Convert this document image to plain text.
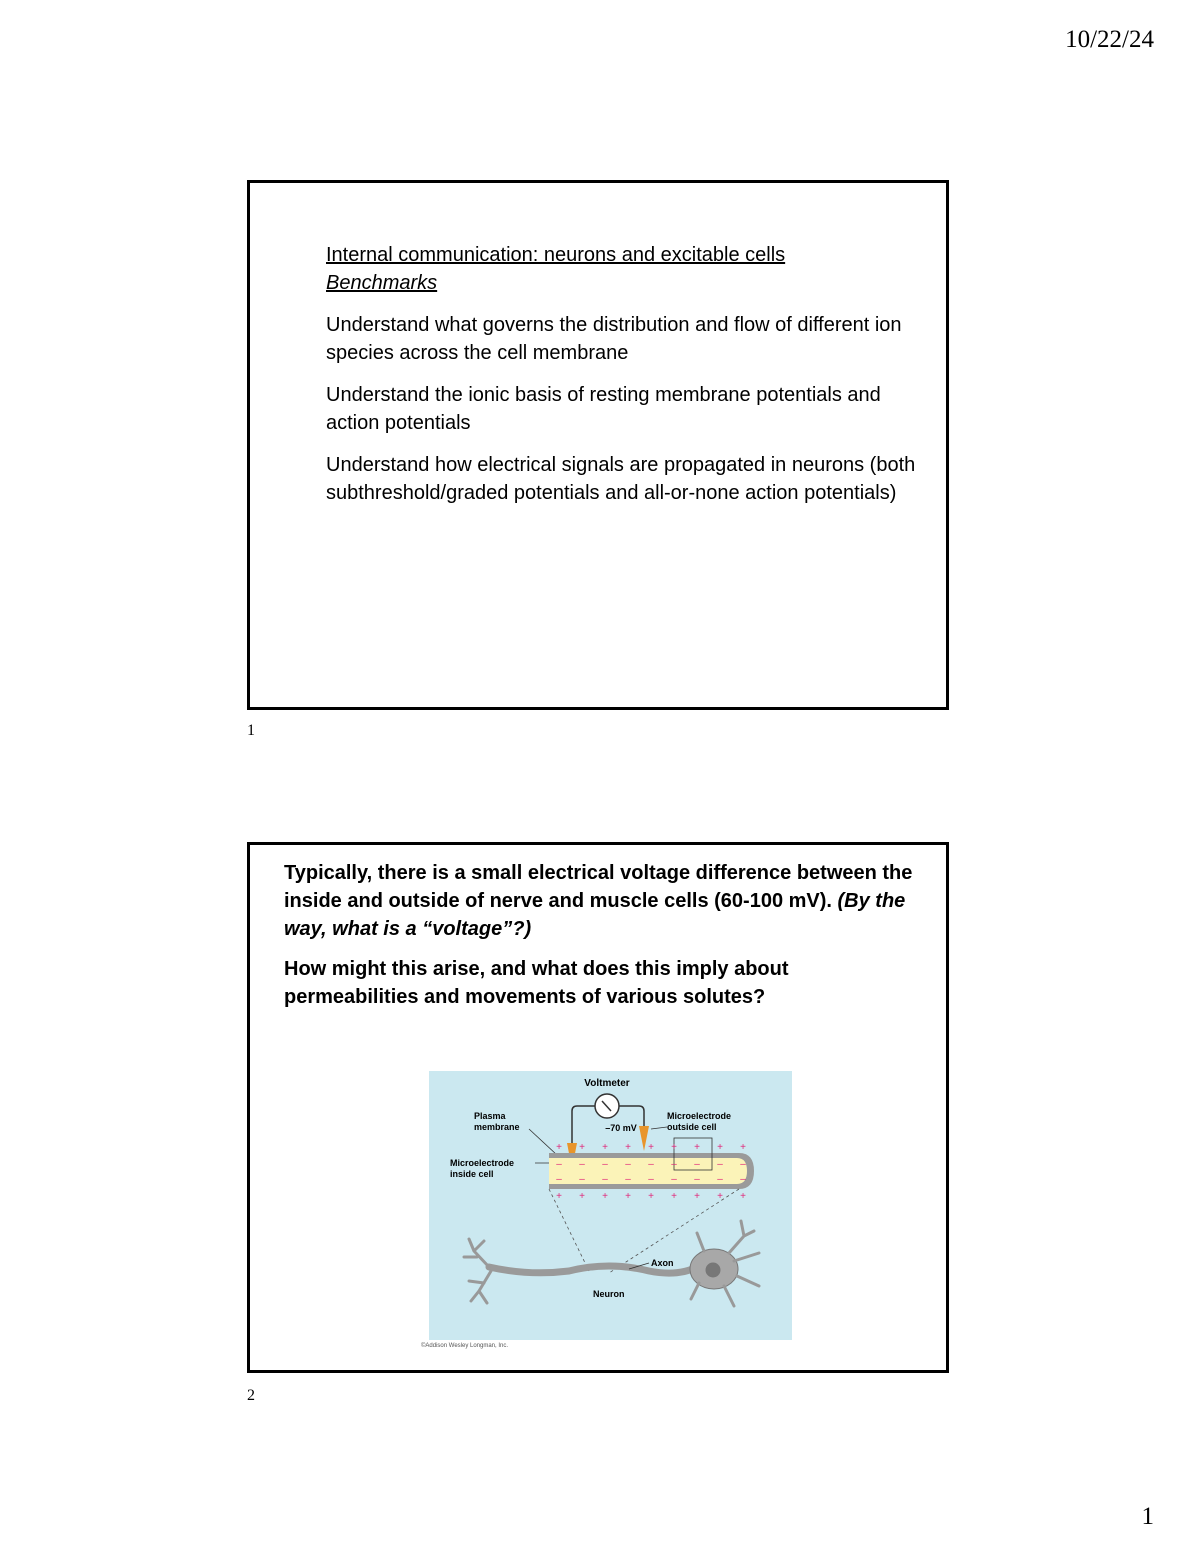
10/22/24
Internal communication: neurons and excitable cells
Benchmarks
Understand what governs the distribution and flow of different ion species across the cell membrane
Understand the ionic basis of resting membrane potentials and action potentials
Understand how electrical signals are propagated in neurons (both subthreshold/graded potentials and all-or-none action potentials)
1

Typically, there is a small electrical voltage difference between the inside and outside of nerve and muscle cells (60-100 mV). (By the way, what is a “voltage”?)

How might this arise, and what does this imply about permeabilities and movements of various solutes?

Voltmeter
Plasma
membrane	–70 mV
Microelectrode
outside cell
Microelectrode
inside cell
+
–
–
+
+
–
–
+
+
–
–
+
+
–
–
+
+
–
–
+
+
–
–
+
+
–
–
+
+
–
–
+
+
–
–
+
Axon
Neuron
©Addison Wesley Longman, Inc.
2
1
